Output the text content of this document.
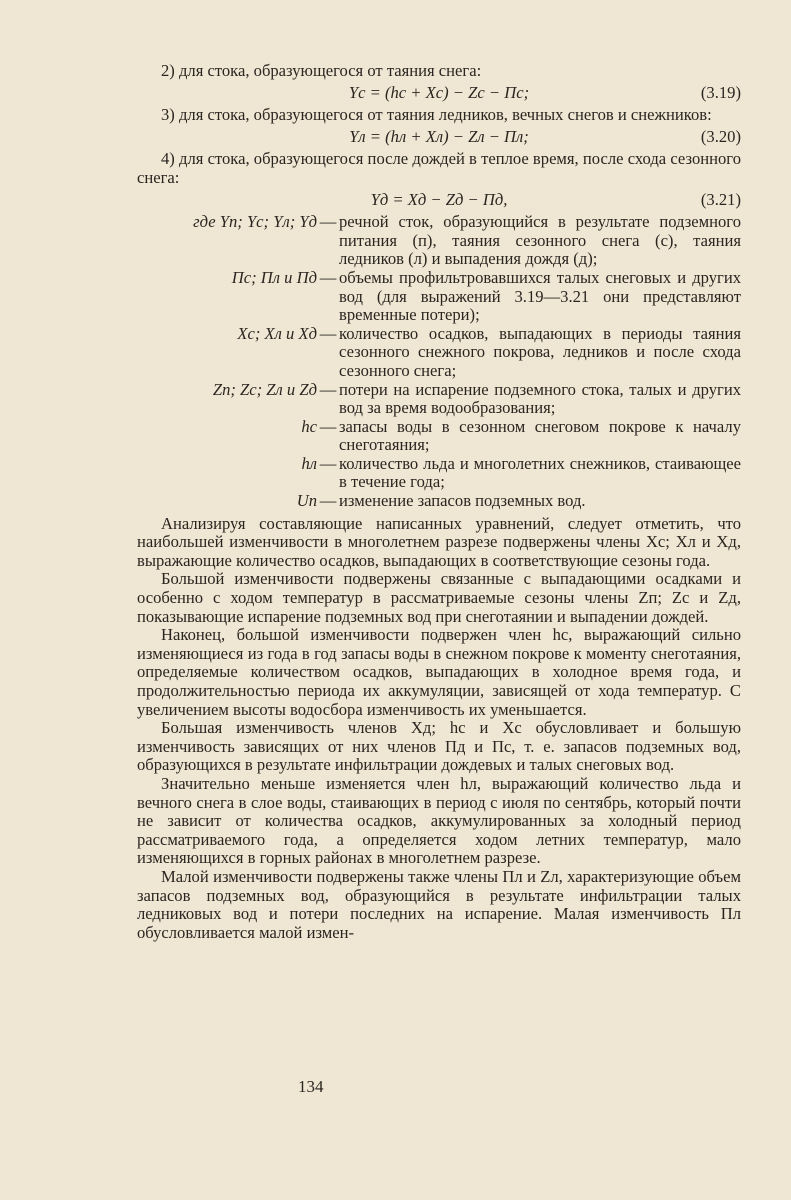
2) для стока, образующегося от таяния снега:

Yс = (hс + Xс) − Zс − Пс;	(3.19)

3) для стока, образующегося от таяния ледников, вечных снегов и снежников:

Yл = (hл + Xл) − Zл − Пл;	(3.20)

4) для стока, образующегося после дождей в теплое время, после схода сезонного снега:

Yд = Xд − Zд − Пд,	(3.21)
где Yп; Yс; Yл; Yд — речной сток, образующийся в результате подземного питания (п), таяния сезонного снега (с), таяния ледников (л) и выпадения дождя (д);
Пс; Пл и Пд — объемы профильтровавшихся талых снеговых и других вод (для выражений 3.19—3.21 они представляют временные потери);
Xс; Xл и Xд — количество осадков, выпадающих в периоды таяния сезонного снежного покрова, ледников и после схода сезонного снега;
Zп; Zс; Zл и Zд — потери на испарение подземного стока, талых и других вод за время водообразования;
hс — запасы воды в сезонном снеговом покрове к началу снеготаяния;
hл — количество льда и многолетних снежников, стаивающее в течение года;
Uп — изменение запасов подземных вод.

Анализируя составляющие написанных уравнений, следует отметить, что наибольшей изменчивости в многолетнем разрезе подвержены члены Xс; Xл и Xд, выражающие количество осадков, выпадающих в соответствующие сезоны года.

Большой изменчивости подвержены связанные с выпадающими осадками и особенно с ходом температур в рассматриваемые сезоны члены Zп; Zс и Zд, показывающие испарение подземных вод при снеготаянии и выпадении дождей.

Наконец, большой изменчивости подвержен член hс, выражающий сильно изменяющиеся из года в год запасы воды в снежном покрове к моменту снеготаяния, определяемые количеством осадков, выпадающих в холодное время года, и продолжительностью периода их аккумуляции, зависящей от хода температур. С увеличением высоты водосбора изменчивость их уменьшается.

Большая изменчивость членов Xд; hс и Xс обусловливает и большую изменчивость зависящих от них членов Пд и Пс, т. е. запасов подземных вод, образующихся в результате инфильтрации дождевых и талых снеговых вод.

Значительно меньше изменяется член hл, выражающий количество льда и вечного снега в слое воды, стаивающих в период с июля по сентябрь, который почти не зависит от количества осадков, аккумулированных за холодный период рассматриваемого года, а определяется ходом летних температур, мало изменяющихся в горных районах в многолетнем разрезе.

Малой изменчивости подвержены также члены Пл и Zл, характеризующие объем запасов подземных вод, образующийся в результате инфильтрации талых ледниковых вод и потери последних на испарение. Малая изменчивость Пл обусловливается малой измен-

134
